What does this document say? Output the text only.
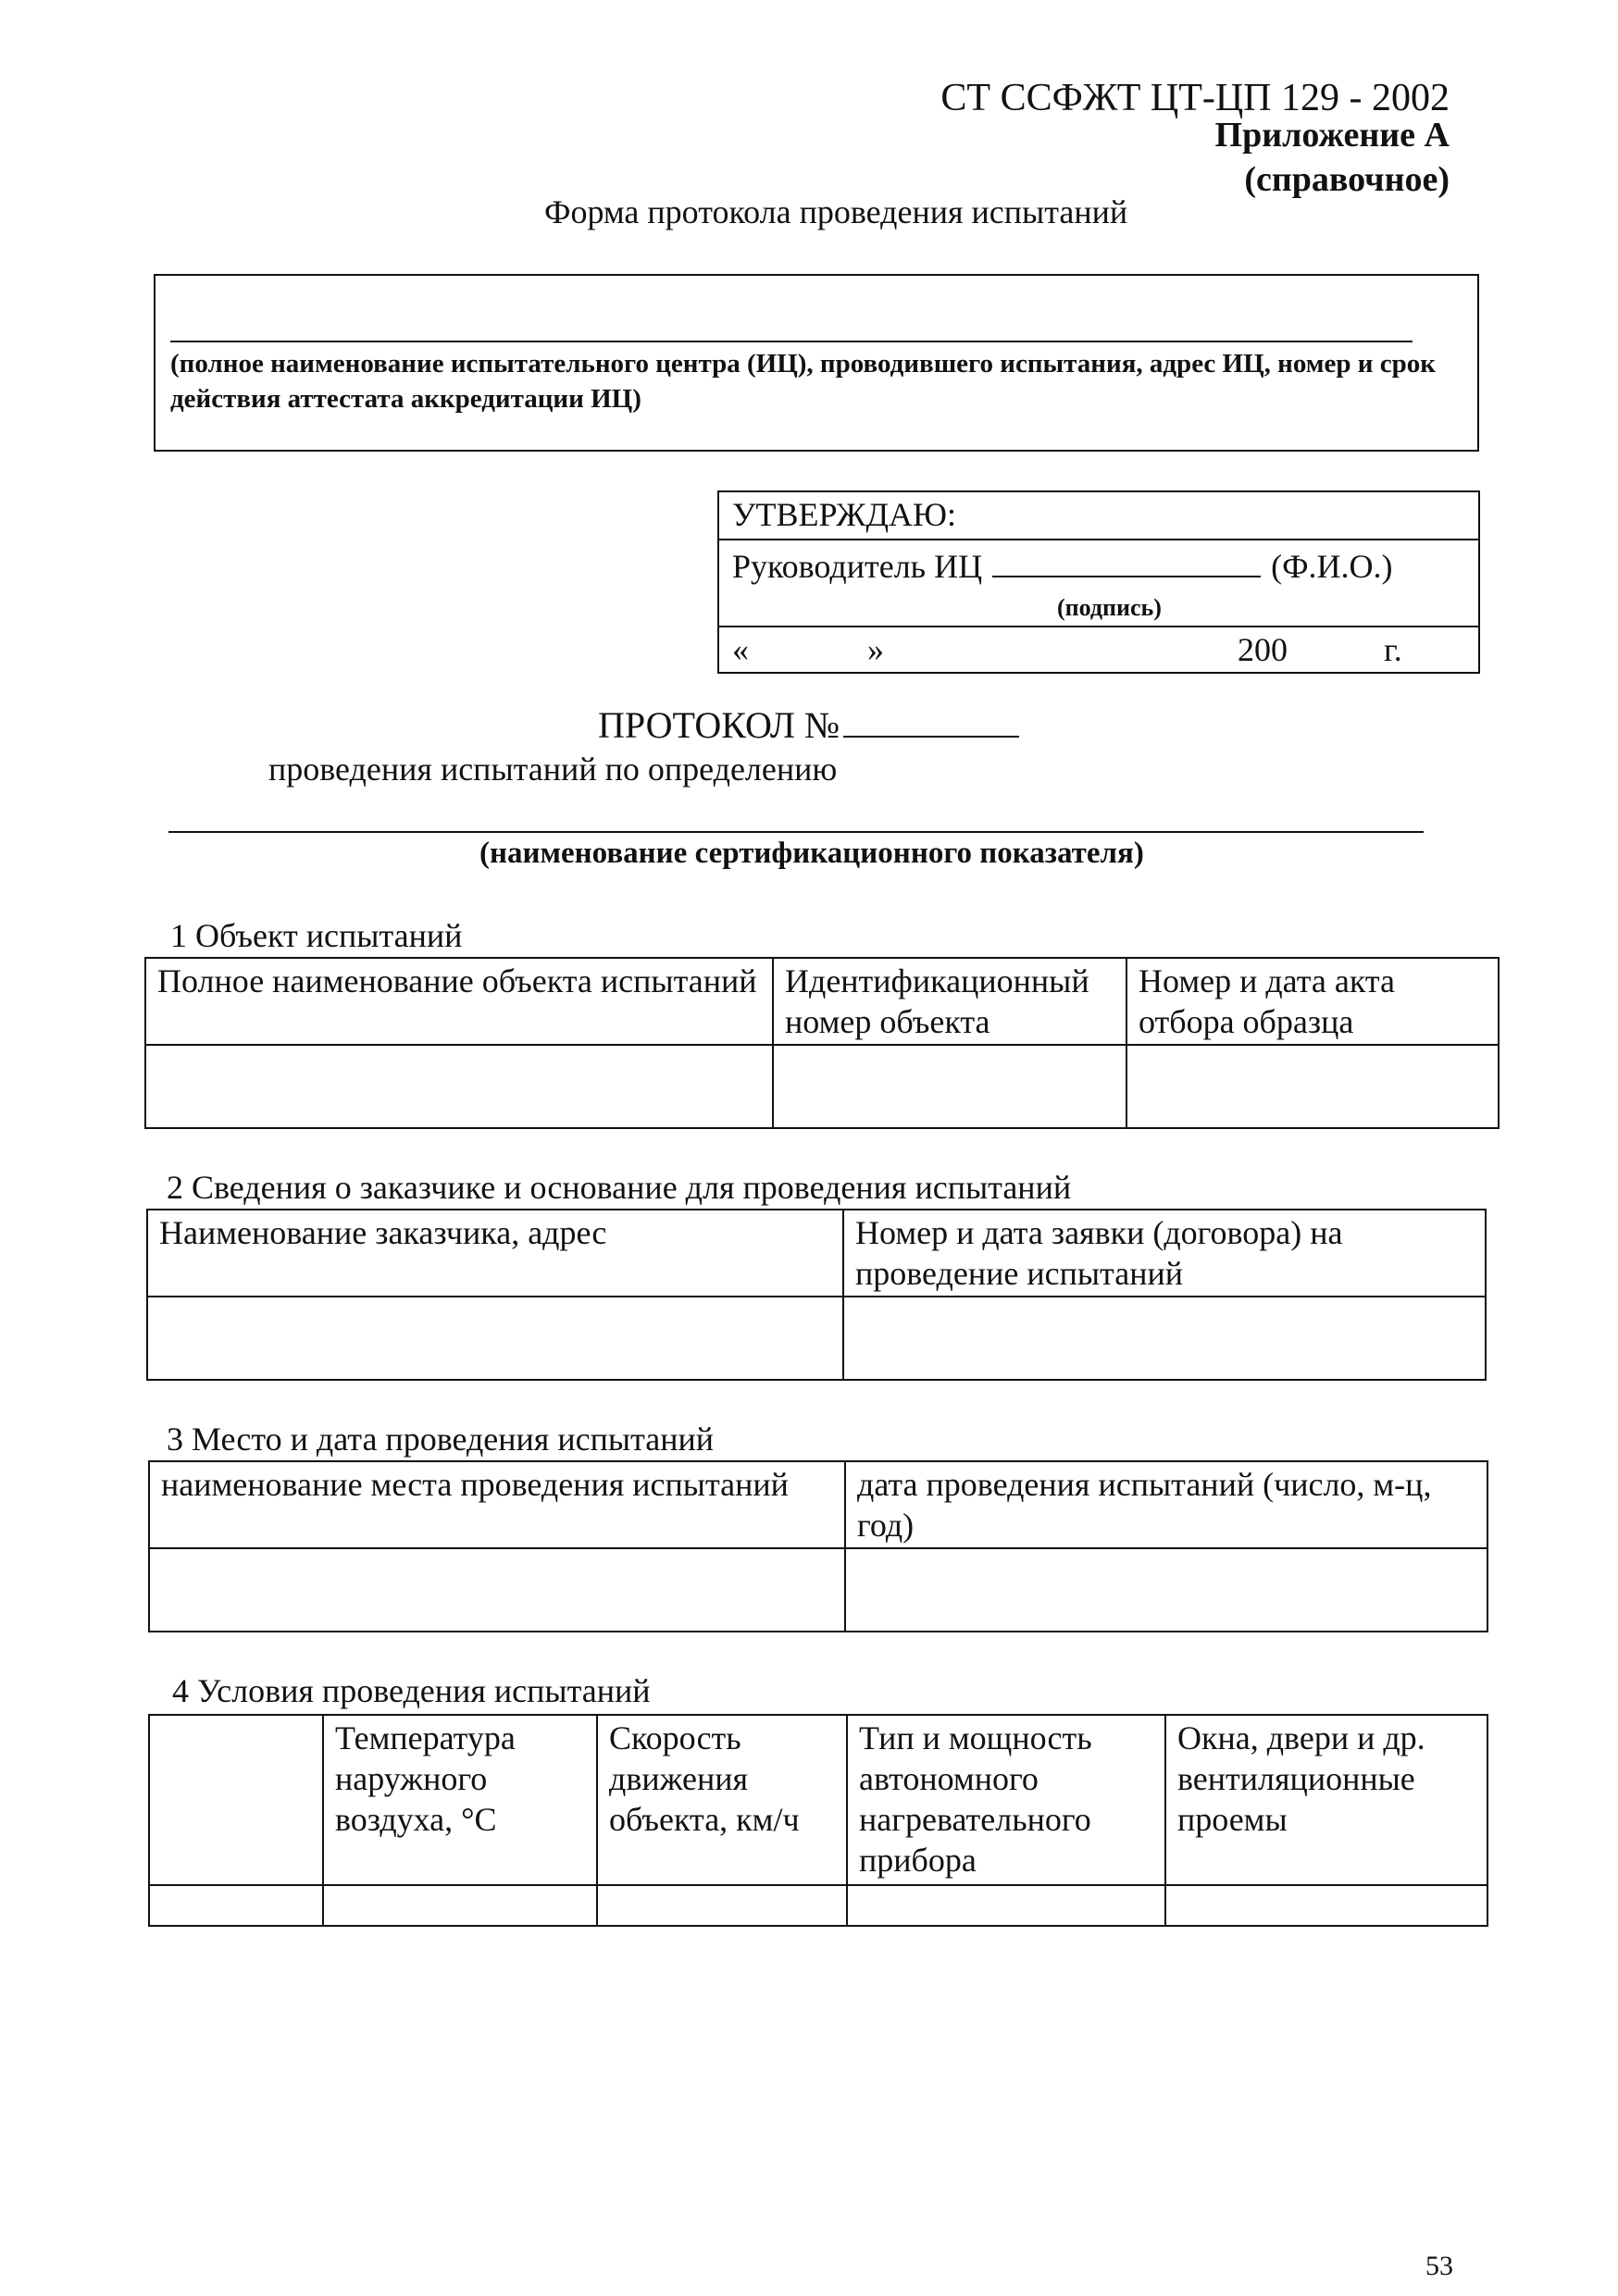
СТ ССФЖТ ЦТ-ЦП 129 - 2002
Приложение А
(справочное)
Форма протокола проведения испытаний
(полное наименование испытательного центра (ИЦ), проводившего испытания, адрес ИЦ, номер и срок действия аттестата аккредитации ИЦ)
УТВЕРЖДАЮ:

Руководитель ИЦ	(Ф.И.О.)
(подпись)

«	»	200	г.
ПРОТОКОЛ №
проведения испытаний по определению
(наименование сертификационного показателя)
1 Объект испытаний
Полное наименование объекта испытаний	Идентификационный номер объекта	Номер и дата акта отбора образца

2 Сведения о заказчике и основание для проведения испытаний
Наименование заказчика, адрес	Номер и дата заявки (договора) на проведение испытаний

3 Место и дата проведения испытаний
наименование места проведения испытаний	дата проведения испытаний (число, м-ц, год)

4 Условия проведения испытаний
	Температура наружного воздуха, °С	Скорость движения объекта, км/ч	Тип и мощность автономного нагревательного прибора	Окна, двери и др. вентиляционные проемы

53
